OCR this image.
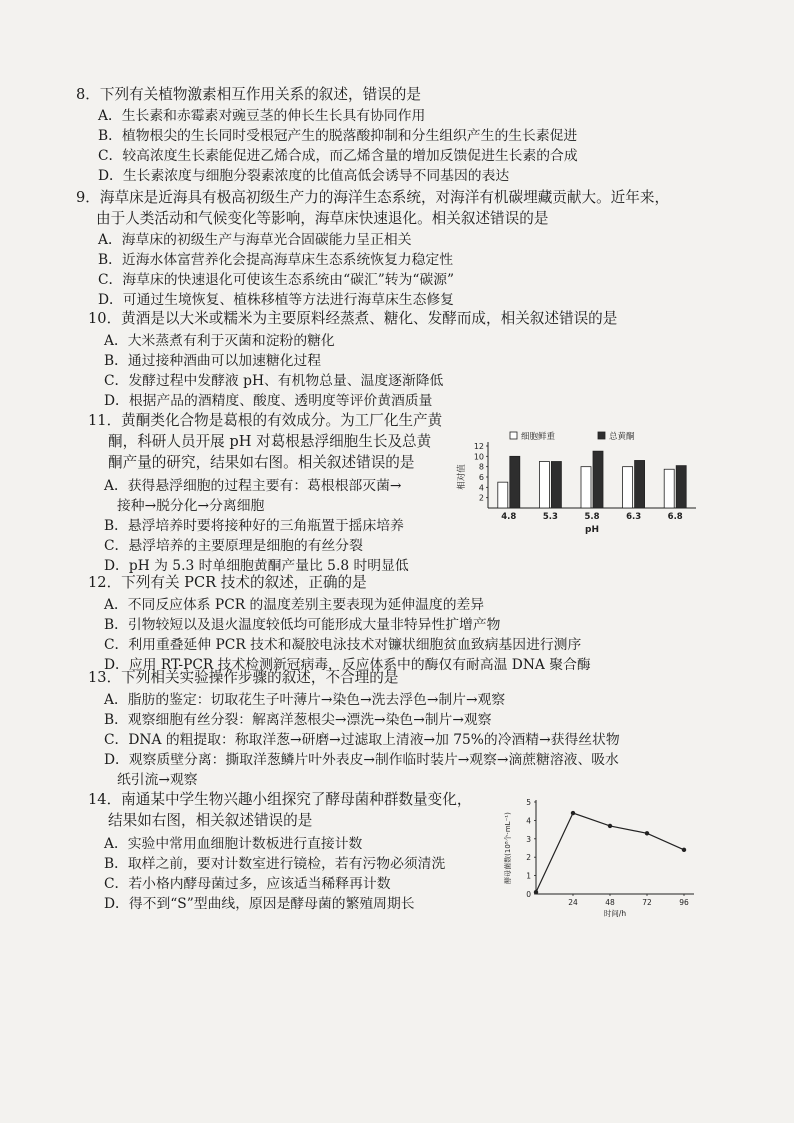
8．下列有关植物激素相互作用关系的叙述，错误的是
A．生长素和赤霉素对豌豆茎的伸长生长具有协同作用
B．植物根尖的生长同时受根冠产生的脱落酸抑制和分生组织产生的生长素促进
C．较高浓度生长素能促进乙烯合成，而乙烯含量的增加反馈促进生长素的合成
D．生长素浓度与细胞分裂素浓度的比值高低会诱导不同基因的表达
9．海草床是近海具有极高初级生产力的海洋生态系统，对海洋有机碳埋藏贡献大。近年来，
由于人类活动和气候变化等影响，海草床快速退化。相关叙述错误的是
A．海草床的初级生产与海草光合固碳能力呈正相关
B．近海水体富营养化会提高海草床生态系统恢复力稳定性
C．海草床的快速退化可使该生态系统由“碳汇”转为“碳源”
D．可通过生境恢复、植株移植等方法进行海草床生态修复
10．黄酒是以大米或糯米为主要原料经蒸煮、糖化、发酵而成，相关叙述错误的是
A．大米蒸煮有利于灭菌和淀粉的糖化
B．通过接种酒曲可以加速糖化过程
C．发酵过程中发酵液 pH、有机物总量、温度逐渐降低
D．根据产品的酒精度、酸度、透明度等评价黄酒质量
11．黄酮类化合物是葛根的有效成分。为工厂化生产黄
酮，科研人员开展 pH 对葛根悬浮细胞生长及总黄
酮产量的研究，结果如右图。相关叙述错误的是
A．获得悬浮细胞的过程主要有：葛根根部灭菌→
接种→脱分化→分离细胞
B．悬浮培养时要将接种好的三角瓶置于摇床培养
C．悬浮培养的主要原理是细胞的有丝分裂
D．pH 为 5.3 时单细胞黄酮产量比 5.8 时明显低
细胞鲜重	总黄酮
2
4
6
8
10
12
相对值
4.8	5.3	5.8	6.3	6.8
pH
12．下列有关 PCR 技术的叙述，正确的是
A．不同反应体系 PCR 的温度差别主要表现为延伸温度的差异
B．引物较短以及退火温度较低均可能形成大量非特异性扩增产物
C．利用重叠延伸 PCR 技术和凝胶电泳技术对镰状细胞贫血致病基因进行测序
D．应用 RT-PCR 技术检测新冠病毒，反应体系中的酶仅有耐高温 DNA 聚合酶
13．下列相关实验操作步骤的叙述，不合理的是
A．脂肪的鉴定：切取花生子叶薄片→染色→洗去浮色→制片→观察
B．观察细胞有丝分裂：解离洋葱根尖→漂洗→染色→制片→观察
C．DNA 的粗提取：称取洋葱→研磨→过滤取上清液→加 75%的冷酒精→获得丝状物
D．观察质壁分离：撕取洋葱鳞片叶外表皮→制作临时装片→观察→滴蔗糖溶液、吸水
纸引流→观察
14．南通某中学生物兴趣小组探究了酵母菌种群数量变化，
结果如右图，相关叙述错误的是
A．实验中常用血细胞计数板进行直接计数
B．取样之前，要对计数室进行镜检，若有污物必须清洗
C．若小格内酵母菌过多，应该适当稀释再计数
D．得不到“S”型曲线，原因是酵母菌的繁殖周期长
0
1
2
3
4
5
24	48	72	96
时间/h
酵母菌数(10⁸个·mL⁻¹)
